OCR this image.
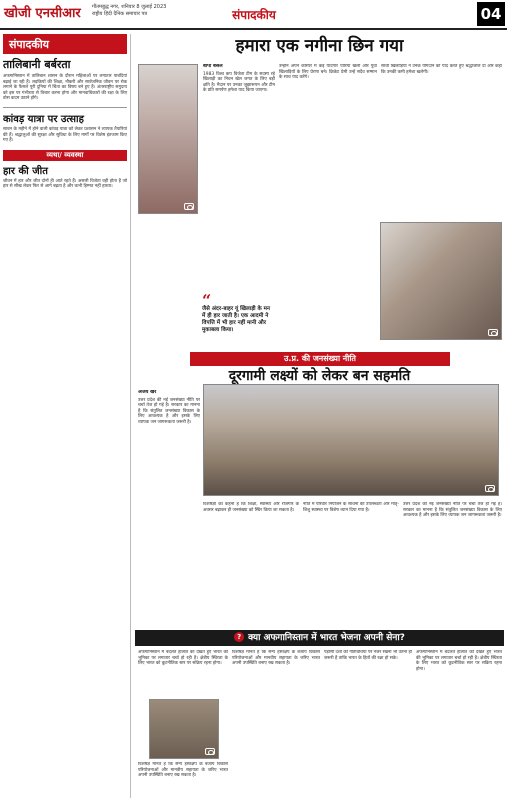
खोजी एनसीआर गौतमबुद्ध नगर, शनिवार 8 जुलाई 2023
राष्ट्रीय हिंदी दैनिक समाचार पत्र	संपादकीय	04
संपादकीय
तालिबानी बर्बरता
अफगानिस्तान में तालिबान शासन के दौरान महिलाओं पर लगातार पाबंदियां बढ़ाई जा रही हैं। लड़कियों की शिक्षा, नौकरी और सार्वजनिक जीवन पर रोक लगाने के फैसले पूरी दुनिया में चिंता का विषय बने हुए हैं। अंतरराष्ट्रीय समुदाय को इस पर गंभीरता से विचार करना होगा और मानवाधिकारों की रक्षा के लिए ठोस कदम उठाने होंगे।
कांवड़ यात्रा पर उत्साह
सावन के महीने में होने वाली कांवड़ यात्रा को लेकर प्रशासन ने व्यापक तैयारियां की हैं। श्रद्धालुओं की सुरक्षा और सुविधा के लिए मार्गों पर विशेष इंतजाम किए गए हैं।
व्यथा/ व्यवस्था
हार की जीत
जीवन में हार और जीत दोनों ही आते रहते हैं। असली विजेता वही होता है जो हार से सीख लेकर फिर से आगे बढ़ता है और कभी हिम्मत नहीं हारता।
हमारा एक नगीना छिन गया
बीपी बंसल
1983 विश्व कप विजेता टीम के सदस्य रहे खिलाड़ी का निधन खेल जगत के लिए बड़ी क्षति है। मैदान पर उनका जुझारूपन और टीम के प्रति समर्पण हमेशा याद किया जाएगा।
उन्होंने अपने करियर में कई यादगार पारियां खेलीं और युवा खिलाड़ियों के लिए प्रेरणा बने। क्रिकेट प्रेमी उन्हें सदैव सम्मान के साथ याद करेंगे।
साथी खिलाड़ियों ने उनके योगदान को याद करते हुए श्रद्धांजलि दी और कहा कि उनकी कमी हमेशा खलेगी।
“
जैसे अंदर-बाहर यूं खिलाड़ी के मन में ही हार जाती है। एक आदमी ने विपत्ति में भी हार नहीं मानी और मुकाबला किया।
उ.प्र. की जनसंख्या नीति
दूरगामी लक्ष्यों को लेकर बन सहमति
अजय खरे
उत्तर प्रदेश की नई जनसंख्या नीति पर चर्चा तेज हो गई है। सरकार का मानना है कि संतुलित जनसंख्या विकास के लिए आवश्यक है और इसके लिए व्यापक जन जागरूकता जरूरी है।
विशेषज्ञों का कहना है कि शिक्षा, स्वास्थ्य और रोजगार के अवसर बढ़ाकर ही जनसंख्या को स्थिर किया जा सकता है।
नीति में परिवार नियोजन के साधनों की उपलब्धता और मातृ-शिशु स्वास्थ्य पर विशेष ध्यान दिया गया है।
उत्तर प्रदेश की नई जनसंख्या नीति पर चर्चा तेज हो गई है। सरकार का मानना है कि संतुलित जनसंख्या विकास के लिए आवश्यक है और इसके लिए व्यापक जन जागरूकता जरूरी है।
? क्या अफगानिस्तान में भारत भेजना अपनी सेना?
अफगानिस्तान में बदलते हालात को देखते हुए भारत की भूमिका पर लगातार चर्चा हो रही है। क्षेत्रीय स्थिरता के लिए भारत को कूटनीतिक स्तर पर सक्रिय रहना होगा।
विशेषज्ञ मानते हैं कि सैन्य हस्तक्षेप के बजाय विकास परियोजनाओं और मानवीय सहायता के जरिए भारत अपनी उपस्थिति बनाए रख सकता है।
विशेषज्ञ मानते हैं कि सैन्य हस्तक्षेप के बजाय विकास परियोजनाओं और मानवीय सहायता के जरिए भारत अपनी उपस्थिति बनाए रख सकता है।
पड़ोसी देशों की गतिविधियों पर नजर रखना भी उतना ही जरूरी है ताकि भारत के हितों की रक्षा हो सके।
अफगानिस्तान में बदलते हालात को देखते हुए भारत की भूमिका पर लगातार चर्चा हो रही है। क्षेत्रीय स्थिरता के लिए भारत को कूटनीतिक स्तर पर सक्रिय रहना होगा।
